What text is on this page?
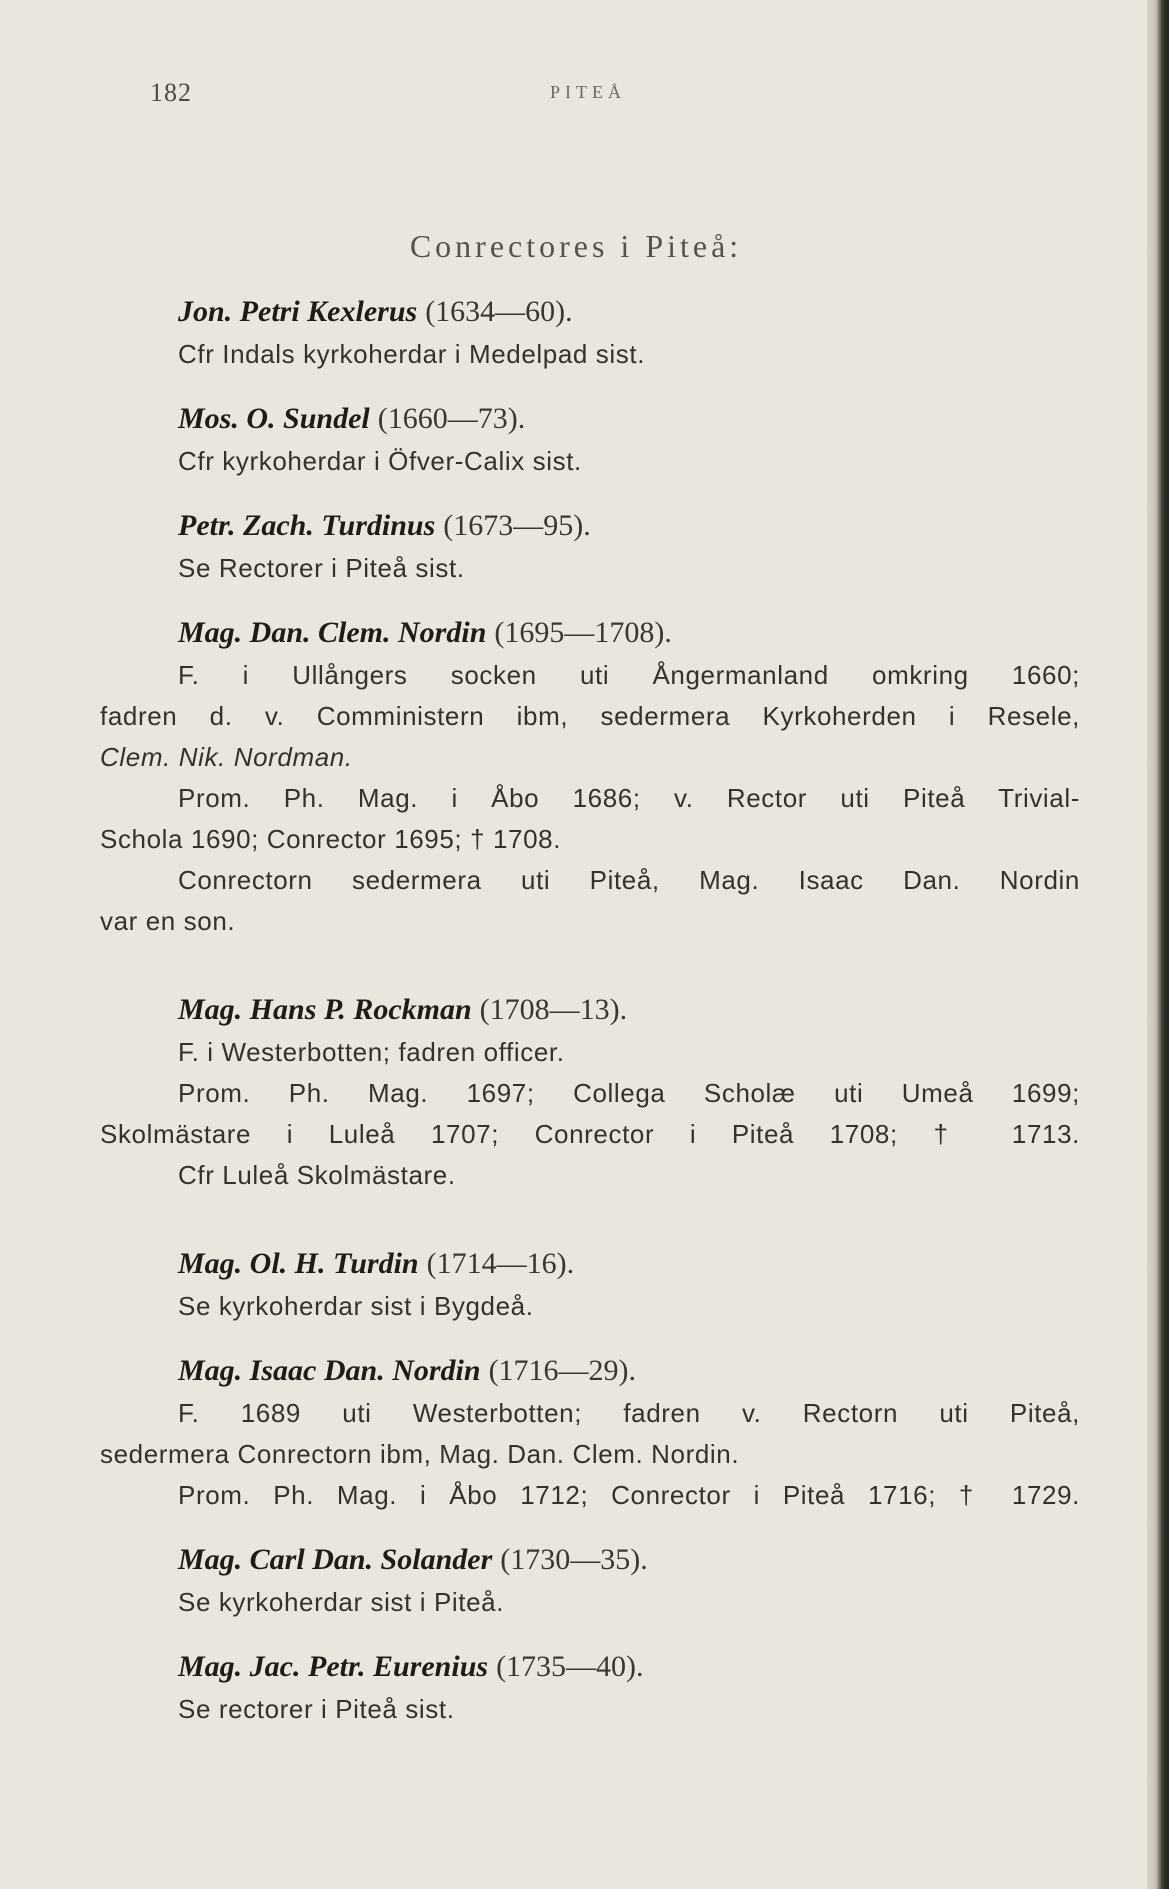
182	PITEÅ
Conrectores i Piteå:
Jon. Petri Kexlerus (1634—60).
Cfr Indals kyrkoherdar i Medelpad sist.
Mos. O. Sundel (1660—73).
Cfr kyrkoherdar i Öfver-Calix sist.
Petr. Zach. Turdinus (1673—95).
Se Rectorer i Piteå sist.
Mag. Dan. Clem. Nordin (1695—1708).
F. i Ullångers socken uti Ångermanland omkring 1660;
fadren d. v. Comministern ibm, sedermera Kyrkoherden i Resele,
Clem. Nik. Nordman.
Prom. Ph. Mag. i Åbo 1686; v. Rector uti Piteå Trivial-
Schola 1690; Conrector 1695; † 1708.
Conrectorn sedermera uti Piteå, Mag. Isaac Dan. Nordin
var en son.
Mag. Hans P. Rockman (1708—13).
F. i Westerbotten; fadren officer.
Prom. Ph. Mag. 1697; Collega Scholæ uti Umeå 1699;
Skolmästare i Luleå 1707; Conrector i Piteå 1708; † 1713.
Cfr Luleå Skolmästare.
Mag. Ol. H. Turdin (1714—16).
Se kyrkoherdar sist i Bygdeå.
Mag. Isaac Dan. Nordin (1716—29).
F. 1689 uti Westerbotten; fadren v. Rectorn uti Piteå,
sedermera Conrectorn ibm, Mag. Dan. Clem. Nordin.
Prom. Ph. Mag. i Åbo 1712; Conrector i Piteå 1716; † 1729.
Mag. Carl Dan. Solander (1730—35).
Se kyrkoherdar sist i Piteå.
Mag. Jac. Petr. Eurenius (1735—40).
Se rectorer i Piteå sist.
